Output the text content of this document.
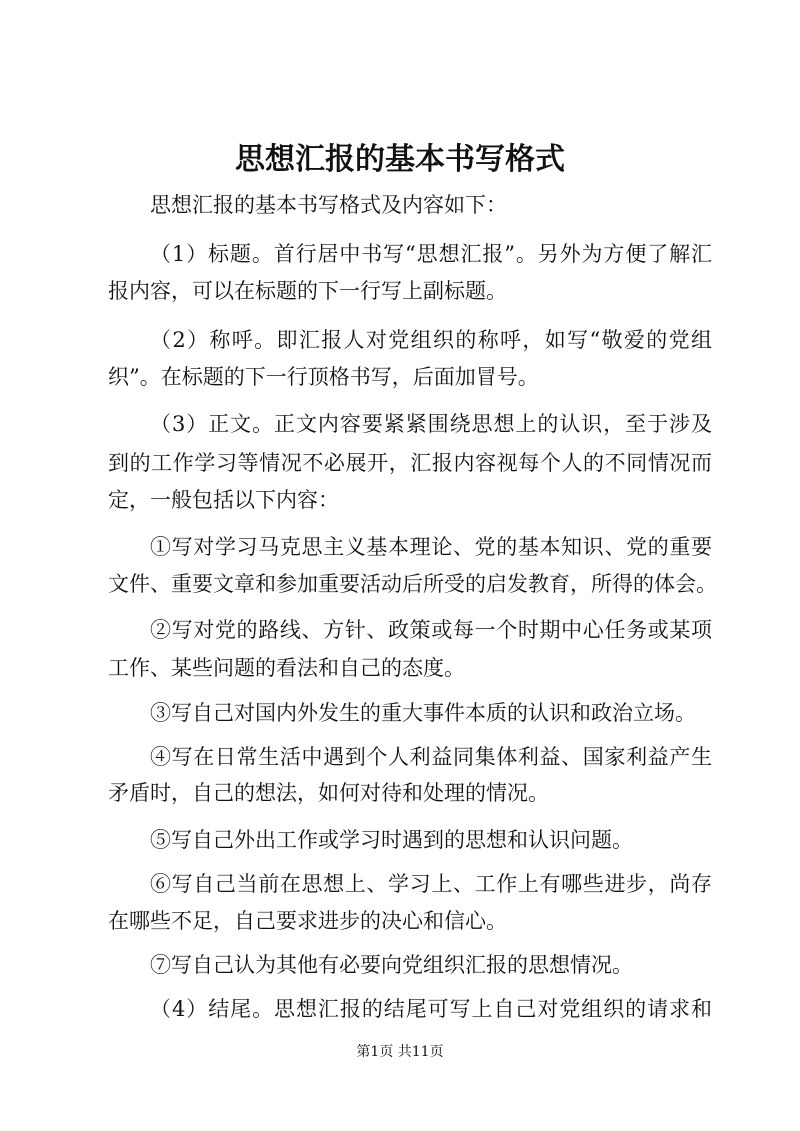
思想汇报的基本书写格式
思想汇报的基本书写格式及内容如下：
（1）标题。首行居中书写“思想汇报”。另外为方便了解汇
报内容，可以在标题的下一行写上副标题。
（2）称呼。即汇报人对党组织的称呼，如写“敬爱的党组
织”。在标题的下一行顶格书写，后面加冒号。
（3）正文。正文内容要紧紧围绕思想上的认识，至于涉及
到的工作学习等情况不必展开，汇报内容视每个人的不同情况而
定，一般包括以下内容：
①写对学习马克思主义基本理论、党的基本知识、党的重要
文件、重要文章和参加重要活动后所受的启发教育，所得的体会。
②写对党的路线、方针、政策或每一个时期中心任务或某项
工作、某些问题的看法和自己的态度。
③写自己对国内外发生的重大事件本质的认识和政治立场。
④写在日常生活中遇到个人利益同集体利益、国家利益产生
矛盾时，自己的想法，如何对待和处理的情况。
⑤写自己外出工作或学习时遇到的思想和认识问题。
⑥写自己当前在思想上、学习上、工作上有哪些进步，尚存
在哪些不足，自己要求进步的决心和信心。
⑦写自己认为其他有必要向党组织汇报的思想情况。
（4）结尾。思想汇报的结尾可写上自己对党组织的请求和
第1页 共11页
